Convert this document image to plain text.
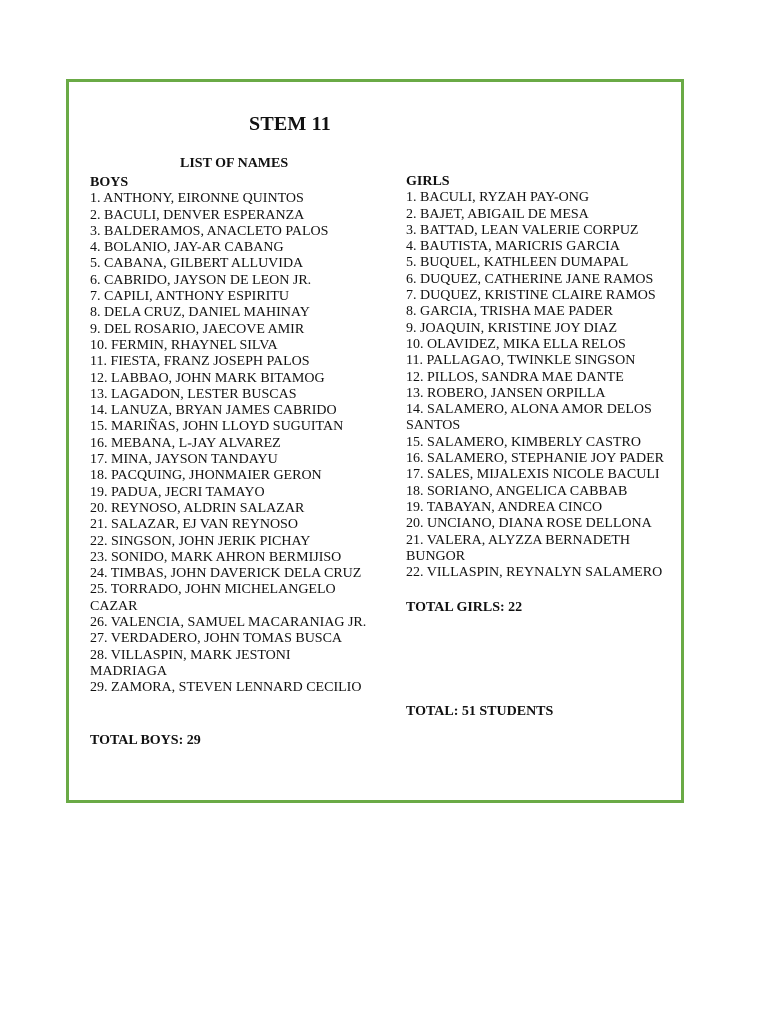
STEM 11
LIST OF NAMES

BOYS

1. ANTHONY, EIRONNE QUINTOS
2. BACULI, DENVER ESPERANZA
3. BALDERAMOS, ANACLETO PALOS
4. BOLANIO, JAY-AR CABANG
5. CABANA, GILBERT ALLUVIDA
6. CABRIDO, JAYSON DE LEON JR.
7. CAPILI, ANTHONY ESPIRITU
8. DELA CRUZ, DANIEL MAHINAY
9. DEL ROSARIO, JAECOVE AMIR
10. FERMIN, RHAYNEL SILVA
11. FIESTA, FRANZ JOSEPH PALOS
12. LABBAO, JOHN MARK BITAMOG
13. LAGADON, LESTER BUSCAS
14. LANUZA, BRYAN JAMES CABRIDO
15. MARIÑAS, JOHN LLOYD SUGUITAN
16. MEBANA, L-JAY ALVAREZ
17. MINA, JAYSON TANDAYU
18. PACQUING, JHONMAIER GERON
19. PADUA, JECRI TAMAYO
20. REYNOSO, ALDRIN SALAZAR
21. SALAZAR, EJ VAN REYNOSO
22. SINGSON, JOHN JERIK PICHAY
23. SONIDO, MARK AHRON BERMIJISO
24. TIMBAS, JOHN DAVERICK DELA CRUZ
25. TORRADO, JOHN MICHELANGELO CAZAR
26. VALENCIA, SAMUEL MACARANIAG JR.
27. VERDADERO, JOHN TOMAS BUSCA
28. VILLASPIN, MARK JESTONI MADRIAGA
29. ZAMORA, STEVEN LENNARD CECILIO

GIRLS

1. BACULI, RYZAH PAY-ONG
2. BAJET, ABIGAIL DE MESA
3. BATTAD, LEAN VALERIE CORPUZ
4. BAUTISTA, MARICRIS GARCIA
5. BUQUEL, KATHLEEN DUMAPAL
6. DUQUEZ, CATHERINE JANE RAMOS
7. DUQUEZ, KRISTINE CLAIRE RAMOS
8. GARCIA, TRISHA MAE PADER
9. JOAQUIN, KRISTINE JOY DIAZ
10. OLAVIDEZ, MIKA ELLA RELOS
11. PALLAGAO, TWINKLE SINGSON
12. PILLOS, SANDRA MAE DANTE
13. ROBERO, JANSEN ORPILLA
14. SALAMERO, ALONA AMOR DELOS SANTOS
15. SALAMERO, KIMBERLY CASTRO
16. SALAMERO, STEPHANIE JOY PADER
17. SALES, MIJALEXIS NICOLE BACULI
18. SORIANO, ANGELICA CABBAB
19. TABAYAN, ANDREA CINCO
20. UNCIANO, DIANA ROSE DELLONA
21. VALERA, ALYZZA BERNADETH BUNGOR
22. VILLASPIN, REYNALYN SALAMERO
TOTAL BOYS: 29
TOTAL GIRLS: 22
TOTAL: 51 STUDENTS
